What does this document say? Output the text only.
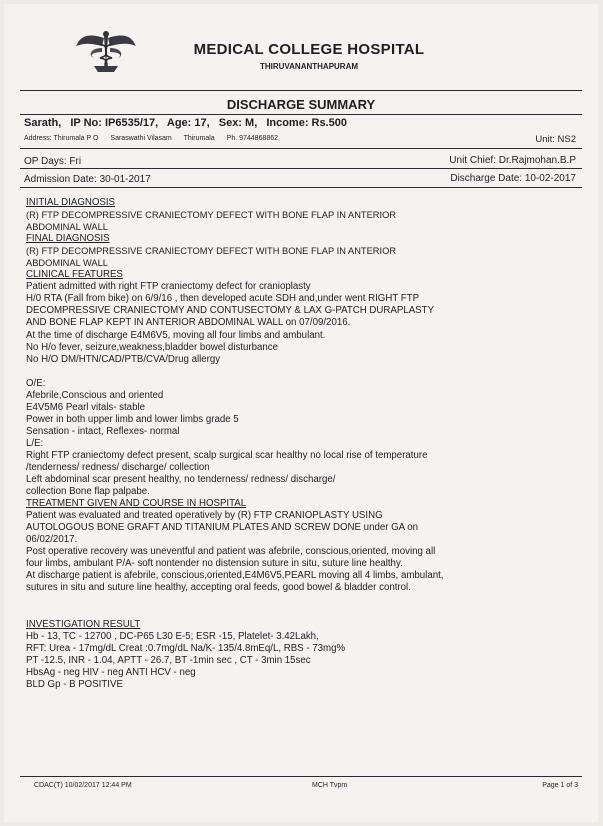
MEDICAL COLLEGE HOSPITAL
THIRUVANANTHAPURAM
DISCHARGE SUMMARY
Sarath, IP No: IP6535/17, Age: 17, Sex: M, Income: Rs.500
Address: Thirumala P O Saraswathi Vilasam Thirumala Ph. 9744868862	Unit: NS2
OP Days: Fri	Unit Chief: Dr.Rajmohan.B.P
Admission Date: 30-01-2017	Discharge Date: 10-02-2017

INITIAL DIAGNOSIS

(R) FTP DECOMPRESSIVE CRANIECTOMY DEFECT WITH BONE FLAP IN ANTERIOR

ABDOMINAL WALL

FINAL DIAGNOSIS

(R) FTP DECOMPRESSIVE CRANIECTOMY DEFECT WITH BONE FLAP IN ANTERIOR

ABDOMINAL WALL

CLINICAL FEATURES

Patient admitted with right FTP craniectomy defect for cranioplasty

H/0 RTA (Fall from bike) on 6/9/16 , then developed acute SDH and,under went RIGHT FTP

DECOMPRESSIVE CRANIECTOMY AND CONTUSECTOMY & LAX G-PATCH DURAPLASTY

AND BONE FLAP KEPT IN ANTERIOR ABDOMINAL WALL on 07/09/2016.

At the time of discharge E4M6V5, moving all four limbs and ambulant.

No H/o fever, seizure,weakness,bladder bowel disturbance

No H/O DM/HTN/CAD/PTB/CVA/Drug allergy

O/E:

Afebrile,Conscious and oriented

E4V5M6 Pearl vitals- stable

Power in both upper limb and lower limbs grade 5

Sensation - intact, Reflexes- normal

L/E:

Right FTP craniectomy defect present, scalp surgical scar healthy no local rise of temperature

/tenderness/ redness/ discharge/ collection

Left abdominal scar present healthy, no tenderness/ redness/ discharge/

collection Bone flap palpabe.

TREATMENT GIVEN AND COURSE IN HOSPITAL

Patient was evaluated and treated operatively by (R) FTP CRANIOPLASTY USING

AUTOLOGOUS BONE GRAFT AND TITANIUM PLATES AND SCREW DONE under GA on

06/02/2017.

Post operative recovery was uneventful and patient was afebrile, conscious,oriented, moving all

four limbs, ambulant P/A- soft nontender no distension suture in situ, suture line healthy.

At discharge patient is afebrile, conscious,oriented,E4M6V5,PEARL moving all 4 limbs, ambulant,

sutures in situ and suture line healthy, accepting oral feeds, good bowel & bladder control.

INVESTIGATION RESULT

Hb - 13, TC - 12700 , DC-P65 L30 E-5; ESR -15, Platelet- 3.42Lakh,

RFT: Urea - 17mg/dL Creat :0.7mg/dL Na/K- 135/4.8mEq/L, RBS - 73mg%

PT -12.5, INR - 1.04, APTT - 26.7, BT -1min sec , CT - 3min 15sec

HbsAg - neg HIV - neg ANTI HCV - neg

BLD Gp - B POSITIVE

CDAC(T) 10/02/2017 12:44 PM	MCH Tvpm	Page 1 of 3
